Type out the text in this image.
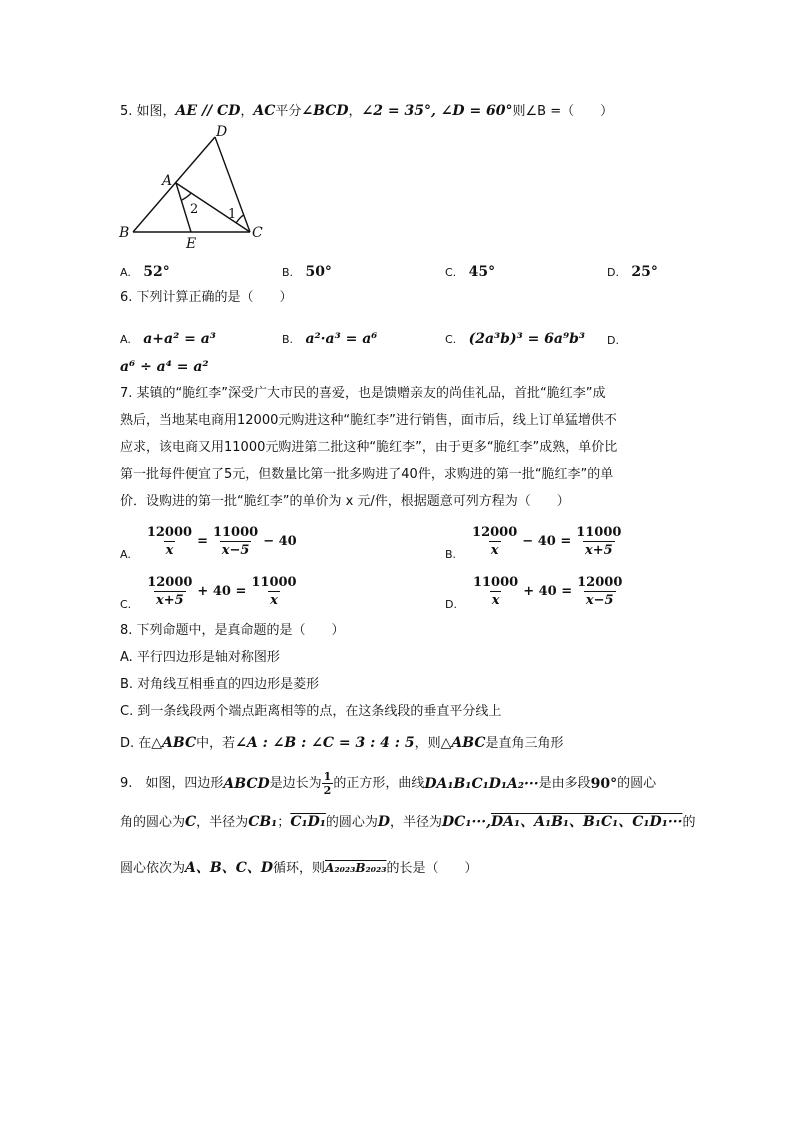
5. 如图，AE // CD，AC平分∠BCD，∠2 = 35°, ∠D = 60°则∠B =（　　）
D
A
B	C
E
2 1
A. 52°	B. 50°	C. 45°	D. 25°
6. 下列计算正确的是（　　）
A. a+a² = a³	B. a²·a³ = a⁶	C. (2a³b)³ = 6a⁹b³ D.
a⁶ ÷ a⁴ = a²
7. 某镇的“脆红李”深受广大市民的喜爱，也是馈赠亲友的尚佳礼品，首批“脆红李”成
熟后，当地某电商用12000元购进这种“脆红李”进行销售，面市后，线上订单猛增供不
应求，该电商又用11000元购进第二批这种“脆红李”，由于更多“脆红李”成熟，单价比
第一批每件便宜了5元，但数量比第一批多购进了40件，求购进的第一批“脆红李”的单
价．设购进的第一批“脆红李”的单价为 x 元/件，根据题意可列方程为（　　）
A. $\frac{12000}{x} = \frac{11000}{x-5} - 40$
B. $\frac{12000}{x} - 40 = \frac{11000}{x+5}$
C. $\frac{12000}{x+5} + 40 = \frac{11000}{x}$	D. $\frac{11000}{x} + 40 = \frac{12000}{x-5}$
8. 下列命题中，是真命题的是（　　）
A. 平行四边形是轴对称图形
B. 对角线互相垂直的四边形是菱形
C. 到一条线段两个端点距离相等的点，在这条线段的垂直平分线上
D. 在△ABC中，若∠A : ∠B : ∠C = 3 : 4 : 5，则△ABC是直角三角形
9.　如图，四边形 ABCD 是边长为 $\frac{1}{2}$ 的正方形，曲线 DA₁B₁C₁D₁A₂··· 是由多段 90° 的圆心
角的圆心为C，半径为CB₁；C₁D₁的圆心为D，半径为DC₁···,DA₁、A₁B₁、B₁C₁、C₁D₁···的
圆心依次为A、B、C、D循环，则A₂₀₂₃B₂₀₂₃的长是（　　）
